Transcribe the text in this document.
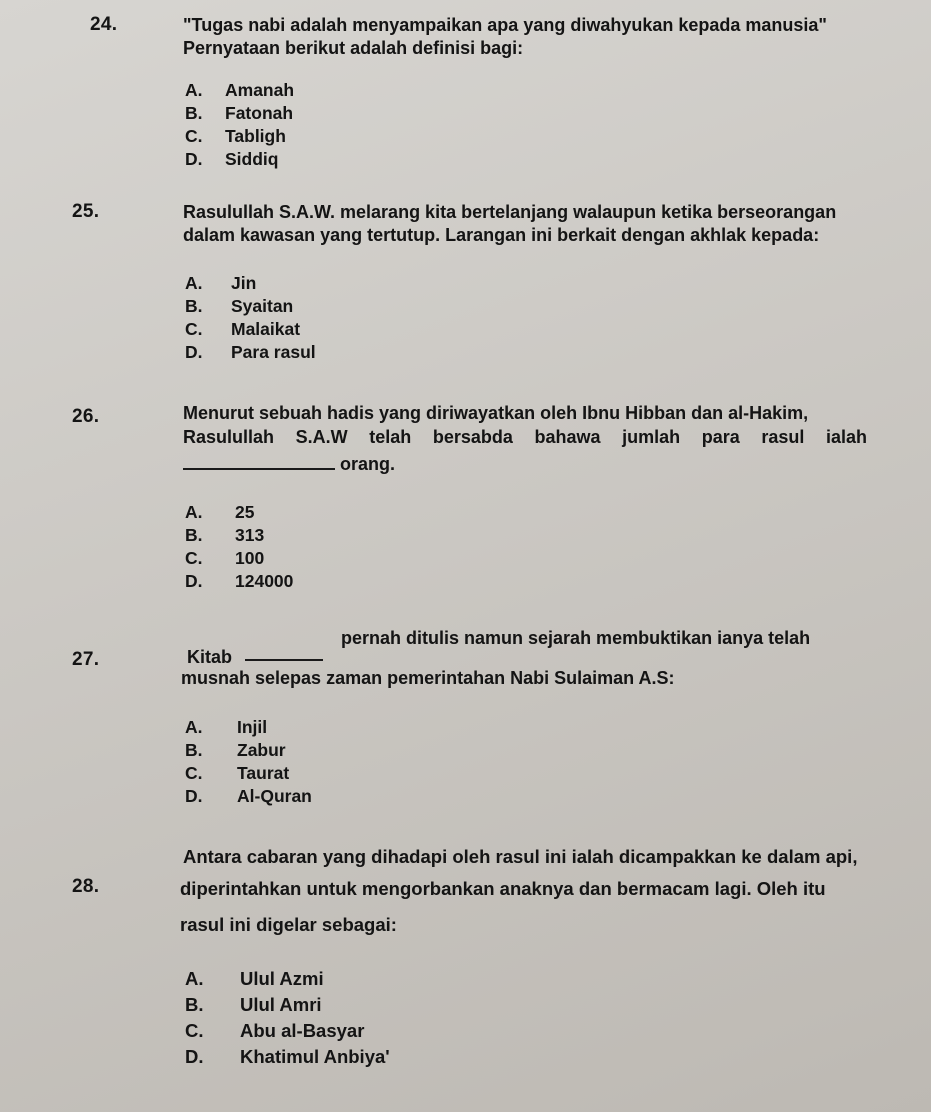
24.	"Tugas nabi adalah menyampaikan apa yang diwahyukan kepada manusia"
Pernyataan berikut adalah definisi bagi:
A. Amanah
B. Fatonah
C. Tabligh
D. Siddiq
25.	Rasulullah S.A.W. melarang kita bertelanjang walaupun ketika berseorangan
dalam kawasan yang tertutup. Larangan ini berkait dengan akhlak kepada:
A. Jin
B. Syaitan
C. Malaikat
D. Para rasul
26.	Menurut sebuah hadis yang diriwayatkan oleh Ibnu Hibban dan al-Hakim,
Rasulullah S.A.W telah bersabda bahawa jumlah para rasul ialah
orang.
A. 25
B. 313
C. 100
D. 124000
27.	Kitab
pernah ditulis namun sejarah membuktikan ianya telah
musnah selepas zaman pemerintahan Nabi Sulaiman A.S:
A. Injil
B. Zabur
C. Taurat
D. Al-Quran
28.
Antara cabaran yang dihadapi oleh rasul ini ialah dicampakkan ke dalam api,
diperintahkan untuk mengorbankan anaknya dan bermacam lagi. Oleh itu
rasul ini digelar sebagai:
A. Ulul Azmi
B. Ulul Amri
C. Abu al-Basyar
D. Khatimul Anbiya'
